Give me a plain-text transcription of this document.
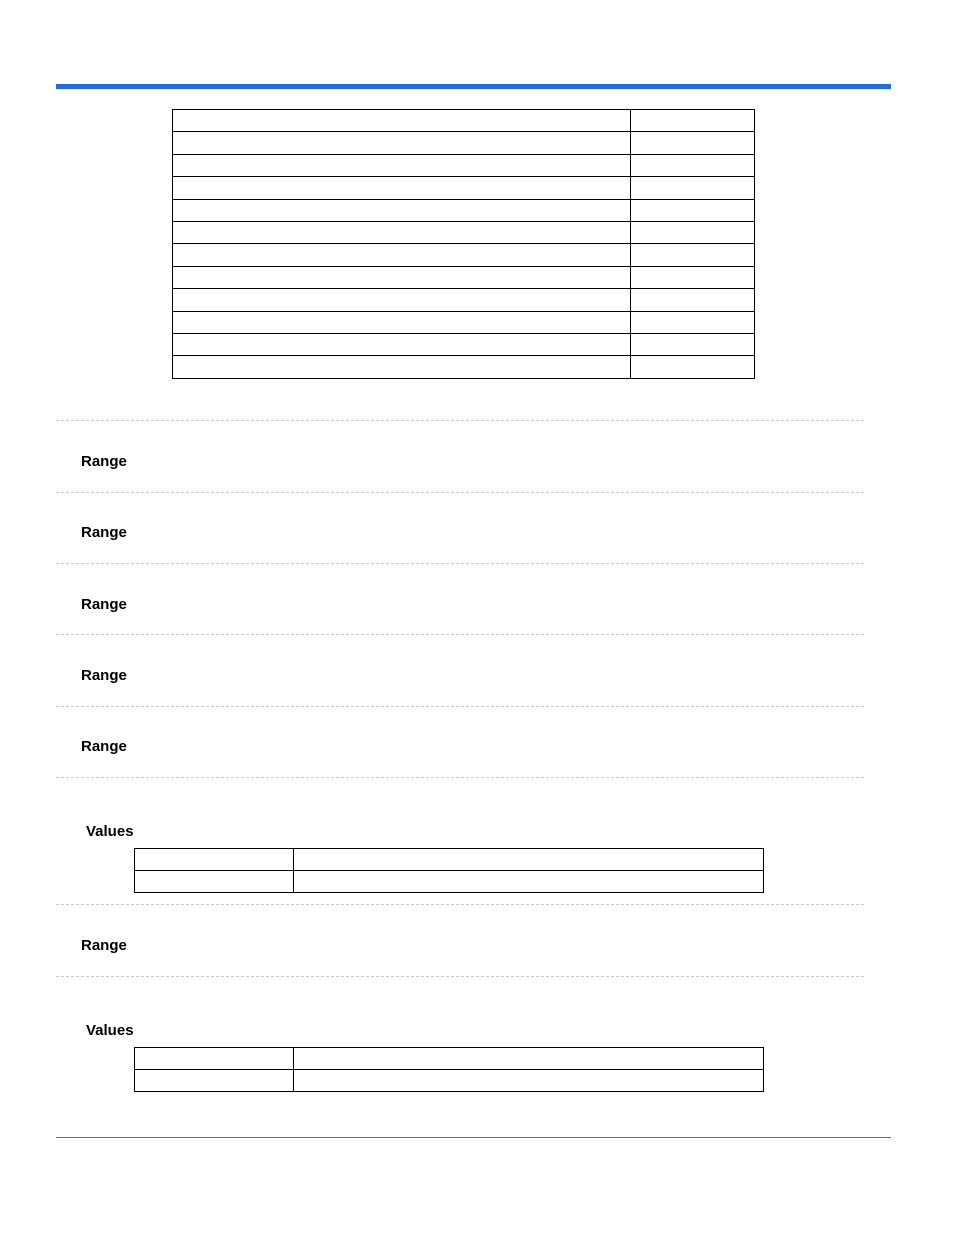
Range
Range
Range
Range
Range
Values

Range
Values
